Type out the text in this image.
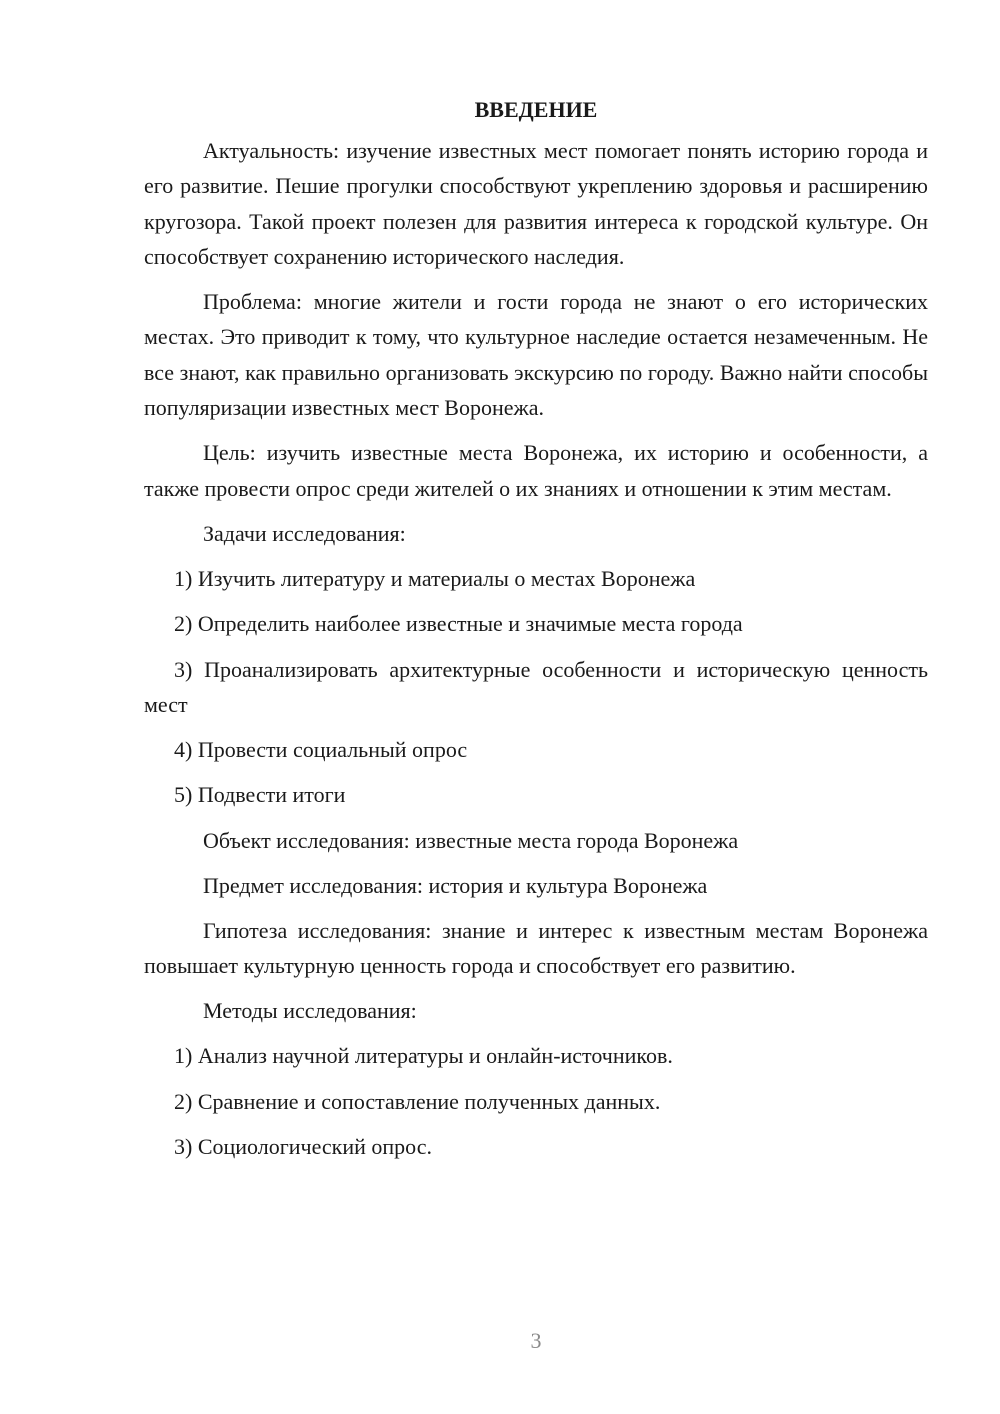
ВВЕДЕНИЕ

Актуальность: изучение известных мест помогает понять историю города и его развитие. Пешие прогулки способствуют укреплению здоровья и расширению кругозора. Такой проект полезен для развития интереса к городской культуре. Он способствует сохранению исторического наследия.

Проблема: многие жители и гости города не знают о его исторических местах. Это приводит к тому, что культурное наследие остается незамеченным. Не все знают, как правильно организовать экскурсию по городу. Важно найти способы популяризации известных мест Воронежа.

Цель: изучить известные места Воронежа, их историю и особенности, а также провести опрос среди жителей о их знаниях и отношении к этим местам.

Задачи исследования:

1) Изучить литературу и материалы о местах Воронежа

2) Определить наиболее известные и значимые места города

3) Проанализировать архитектурные особенности и историческую ценность мест

4) Провести социальный опрос

5) Подвести итоги

Объект исследования: известные места города Воронежа

Предмет исследования: история и культура Воронежа

Гипотеза исследования: знание и интерес к известным местам Воронежа повышает культурную ценность города и способствует его развитию.

Методы исследования:

1) Анализ научной литературы и онлайн-источников.

2) Сравнение и сопоставление полученных данных.

3) Социологический опрос.

3
